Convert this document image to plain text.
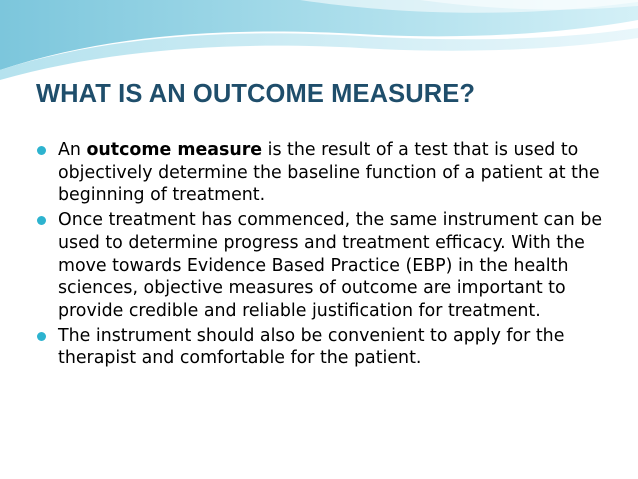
WHAT IS AN OUTCOME MEASURE?
An outcome measure is the result of a test that is used to objectively determine the baseline function of a patient at the beginning of treatment.
Once treatment has commenced, the same instrument can be used to determine progress and treatment efficacy. With the move towards Evidence Based Practice (EBP) in the health sciences, objective measures of outcome are important to provide credible and reliable justification for treatment.
The instrument should also be convenient to apply for the therapist and comfortable for the patient.
